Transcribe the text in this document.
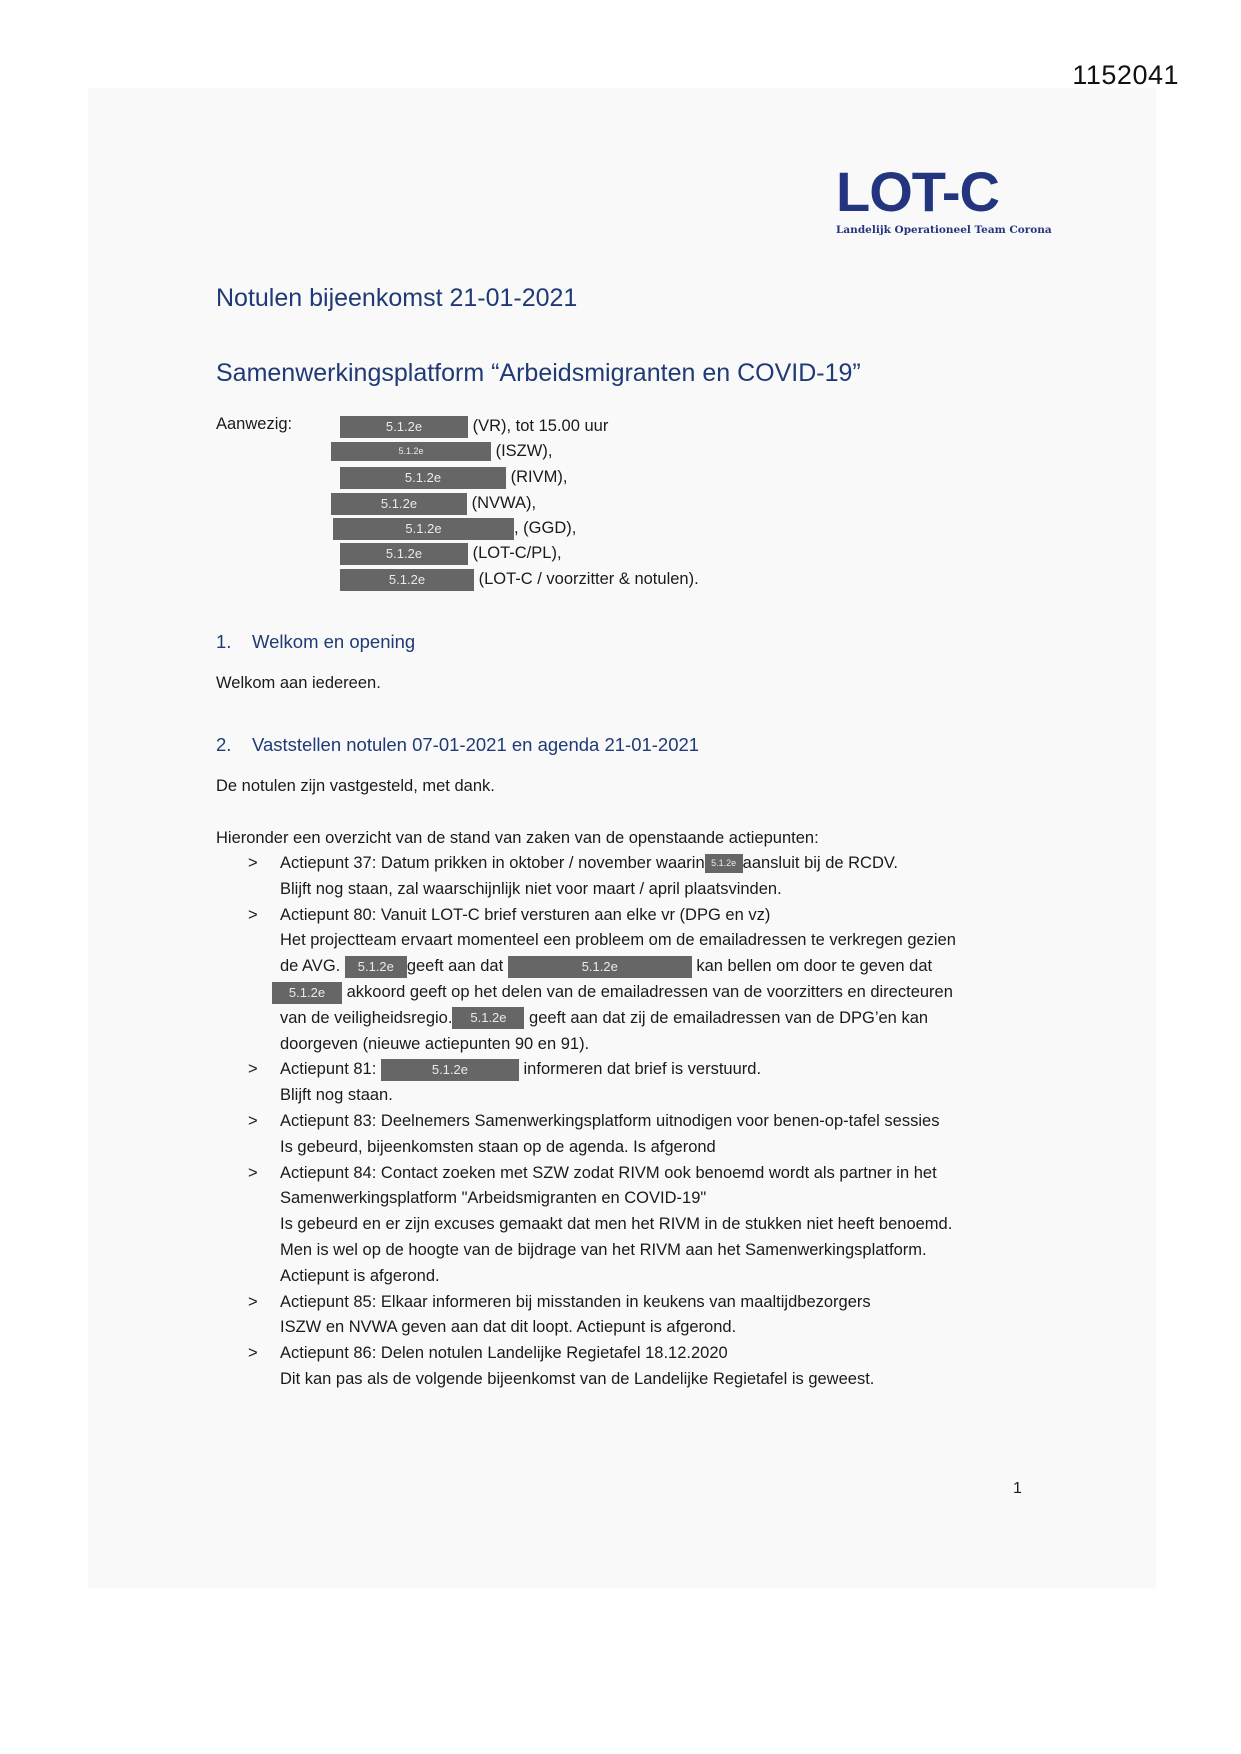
1152041
LOT-C
Landelijk Operationeel Team Corona
Notulen bijeenkomst 21-01-2021
Samenwerkingsplatform “Arbeidsmigranten en COVID-19”
Aanwezig:	5.1.2e	(VR), tot 15.00 uur
5.1.2e	(ISZW),
5.1.2e	(RIVM),
5.1.2e	(NVWA),
5.1.2e	, (GGD),
5.1.2e	(LOT-C/PL),
5.1.2e	(LOT-C / voorzitter & notulen).
1. Welkom en opening
Welkom aan iedereen.
2. Vaststellen notulen 07-01-2021 en agenda 21-01-2021
De notulen zijn vastgesteld, met dank.
Hieronder een overzicht van de stand van zaken van de openstaande actiepunten:
> Actiepunt 37: Datum prikken in oktober / november waarin 5.1.2e aansluit bij de RCDV.
Blijft nog staan, zal waarschijnlijk niet voor maart / april plaatsvinden.
> Actiepunt 80: Vanuit LOT-C brief versturen aan elke vr (DPG en vz)
Het projectteam ervaart momenteel een probleem om de emailadressen te verkregen gezien
de AVG. 5.1.2e geeft aan dat	5.1.2e	kan bellen om door te geven dat
5.1.2e akkoord geeft op het delen van de emailadressen van de voorzitters en directeuren
van de veiligheidsregio. 5.1.2e geeft aan dat zij de emailadressen van de DPG’en kan
doorgeven (nieuwe actiepunten 90 en 91).
> Actiepunt 81:	5.1.2e	informeren dat brief is verstuurd.
Blijft nog staan.
> Actiepunt 83: Deelnemers Samenwerkingsplatform uitnodigen voor benen-op-tafel sessies
Is gebeurd, bijeenkomsten staan op de agenda. Is afgerond
> Actiepunt 84: Contact zoeken met SZW zodat RIVM ook benoemd wordt als partner in het
Samenwerkingsplatform "Arbeidsmigranten en COVID-19"
Is gebeurd en er zijn excuses gemaakt dat men het RIVM in de stukken niet heeft benoemd.
Men is wel op de hoogte van de bijdrage van het RIVM aan het Samenwerkingsplatform.
Actiepunt is afgerond.
> Actiepunt 85: Elkaar informeren bij misstanden in keukens van maaltijdbezorgers
ISZW en NVWA geven aan dat dit loopt. Actiepunt is afgerond.
> Actiepunt 86: Delen notulen Landelijke Regietafel 18.12.2020
Dit kan pas als de volgende bijeenkomst van de Landelijke Regietafel is geweest.
1
